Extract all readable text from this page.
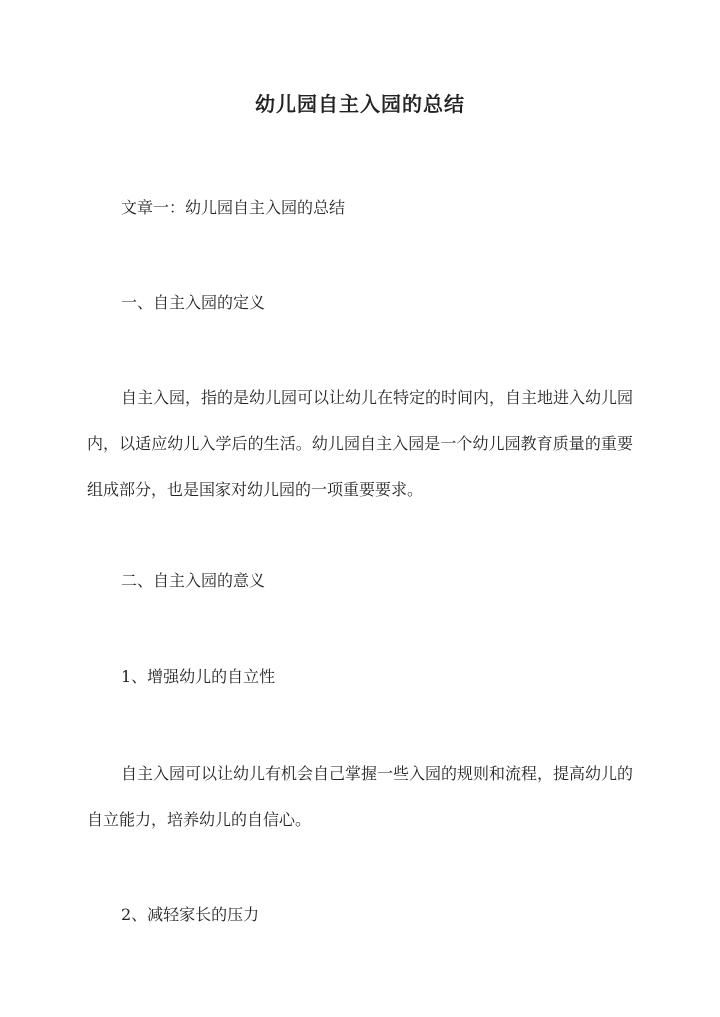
幼儿园自主入园的总结

文章一：幼儿园自主入园的总结

一、自主入园的定义

自主入园，指的是幼儿园可以让幼儿在特定的时间内，自主地进入幼儿园内，以适应幼儿入学后的生活。幼儿园自主入园是一个幼儿园教育质量的重要组成部分，也是国家对幼儿园的一项重要要求。

二、自主入园的意义

1、增强幼儿的自立性

自主入园可以让幼儿有机会自己掌握一些入园的规则和流程，提高幼儿的自立能力，培养幼儿的自信心。

2、减轻家长的压力
